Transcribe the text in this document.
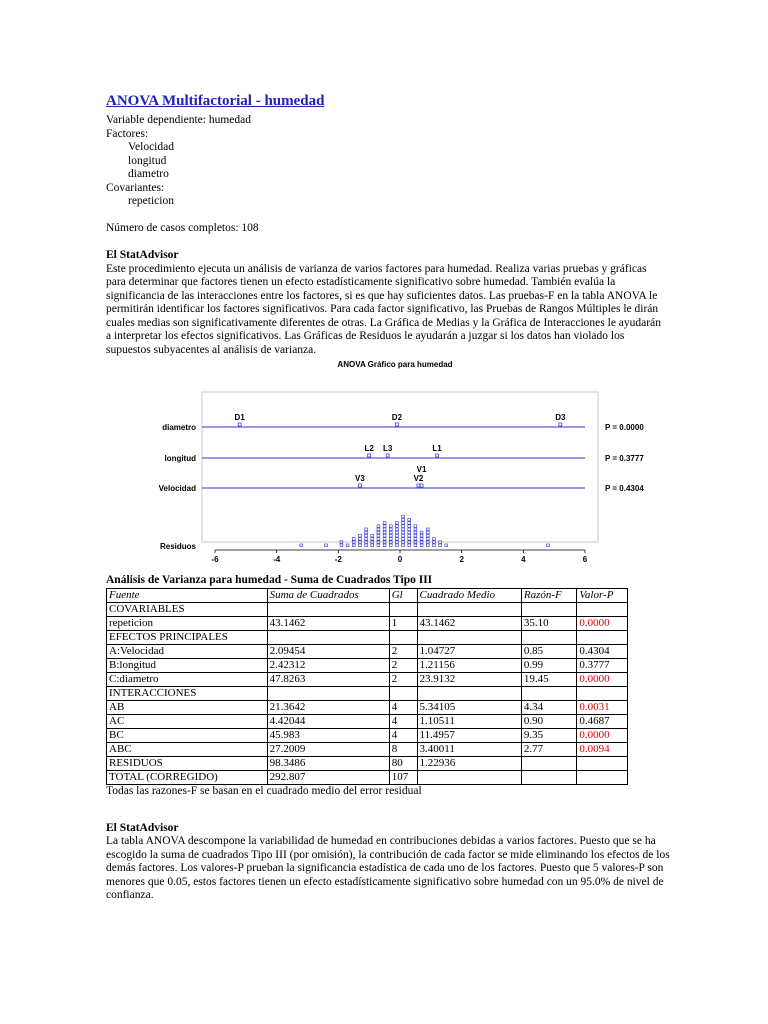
ANOVA Multifactorial - humedad
Variable dependiente: humedad
Factores:
Velocidad
longitud
diametro
Covariantes:
repeticion
Número de casos completos: 108
El StatAdvisor
Este procedimiento ejecuta un análisis de varianza de varios factores para humedad. Realiza varias pruebas y gráficas
para determinar que factores tienen un efecto estadísticamente significativo sobre humedad. También evalúa la
significancia de las interacciones entre los factores, si es que hay suficientes datos. Las pruebas-F en la tabla ANOVA le
permitirán identificar los factores significativos. Para cada factor significativo, las Pruebas de Rangos Múltiples le dirán
cuales medias son significativamente diferentes de otras. La Gráfica de Medias y la Gráfica de Interacciones le ayudarán
a interpretar los efectos significativos. Las Gráficas de Residuos le ayudarán a juzgar si los datos han violado los
supuestos subyacentes al análisis de varianza.
ANOVA Gráfico para humedad
diametro	P = 0.0000
D1	D2	D3
longitud	P = 0.3777
L2 L3	L1
Velocidad	P = 0.4304
V3	V2
V1
Residuos
-6	-4	-2	0	2	4	6
Análisis de Varianza para humedad - Suma de Cuadrados Tipo III
Fuente	Suma de Cuadrados	Gl	Cuadrado Medio	Razón-F	Valor-P
COVARIABLES					
repeticion	43.1462	1	43.1462	35.10	0.0000
EFECTOS PRINCIPALES					
A:Velocidad	2.09454	2	1.04727	0.85	0.4304
B:longitud	2.42312	2	1.21156	0.99	0.3777
C:diametro	47.8263	2	23.9132	19.45	0.0000
INTERACCIONES					
AB	21.3642	4	5.34105	4.34	0.0031
AC	4.42044	4	1.10511	0.90	0.4687
BC	45.983	4	11.4957	9.35	0.0000
ABC	27.2009	8	3.40011	2.77	0.0094
RESIDUOS	98.3486	80	1.22936		
TOTAL (CORREGIDO)	292.807	107			
Todas las razones-F se basan en el cuadrado medio del error residual
El StatAdvisor
La tabla ANOVA descompone la variabilidad de humedad en contribuciones debidas a varios factores. Puesto que se ha
escogido la suma de cuadrados Tipo III (por omisión), la contribución de cada factor se mide eliminando los efectos de los
demás factores. Los valores-P prueban la significancia estadística de cada uno de los factores. Puesto que 5 valores-P son
menores que 0.05, estos factores tienen un efecto estadísticamente significativo sobre humedad con un 95.0% de nivel de
confianza.
